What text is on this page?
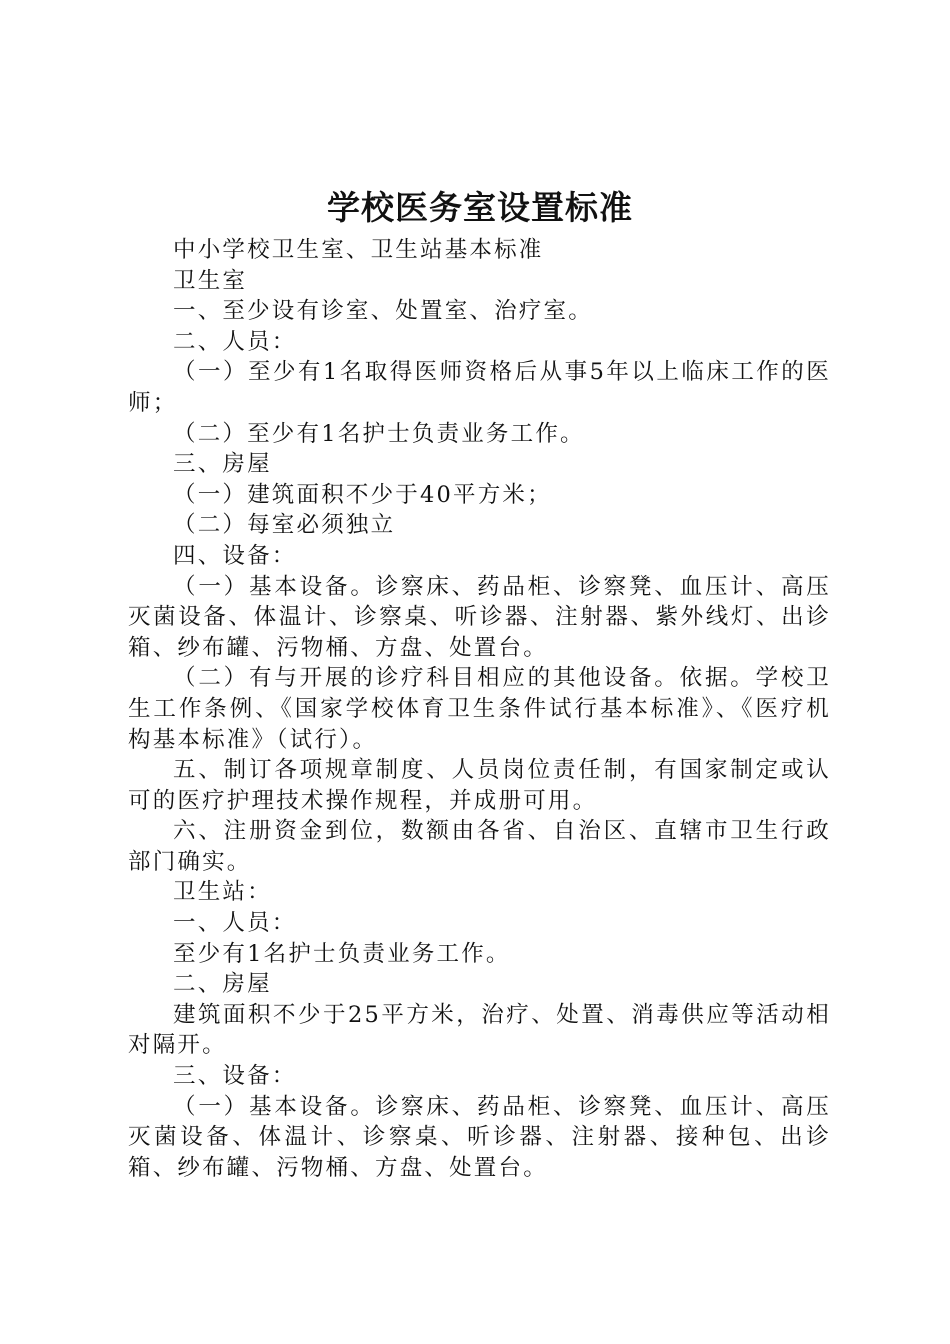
学校医务室设置标准

中小学校卫生室、卫生站基本标准

卫生室

一、至少设有诊室、处置室、治疗室。

二、人员：

（一）至少有1名取得医师资格后从事5年以上临床工作的医师；

（二）至少有1名护士负责业务工作。

三、房屋

（一）建筑面积不少于40平方米；

（二）每室必须独立

四、设备：

（一）基本设备。诊察床、药品柜、诊察凳、血压计、高压灭菌设备、体温计、诊察桌、听诊器、注射器、紫外线灯、出诊箱、纱布罐、污物桶、方盘、处置台。

（二）有与开展的诊疗科目相应的其他设备。依据。学校卫生工作条例、《国家学校体育卫生条件试行基本标准》、《医疗机构基本标准》（试行）。

五、制订各项规章制度、人员岗位责任制，有国家制定或认可的医疗护理技术操作规程，并成册可用。

六、注册资金到位，数额由各省、自治区、直辖市卫生行政部门确实。

卫生站：

一、人员：

至少有1名护士负责业务工作。

二、房屋

建筑面积不少于25平方米，治疗、处置、消毒供应等活动相对隔开。

三、设备：

（一）基本设备。诊察床、药品柜、诊察凳、血压计、高压灭菌设备、体温计、诊察桌、听诊器、注射器、接种包、出诊箱、纱布罐、污物桶、方盘、处置台。
